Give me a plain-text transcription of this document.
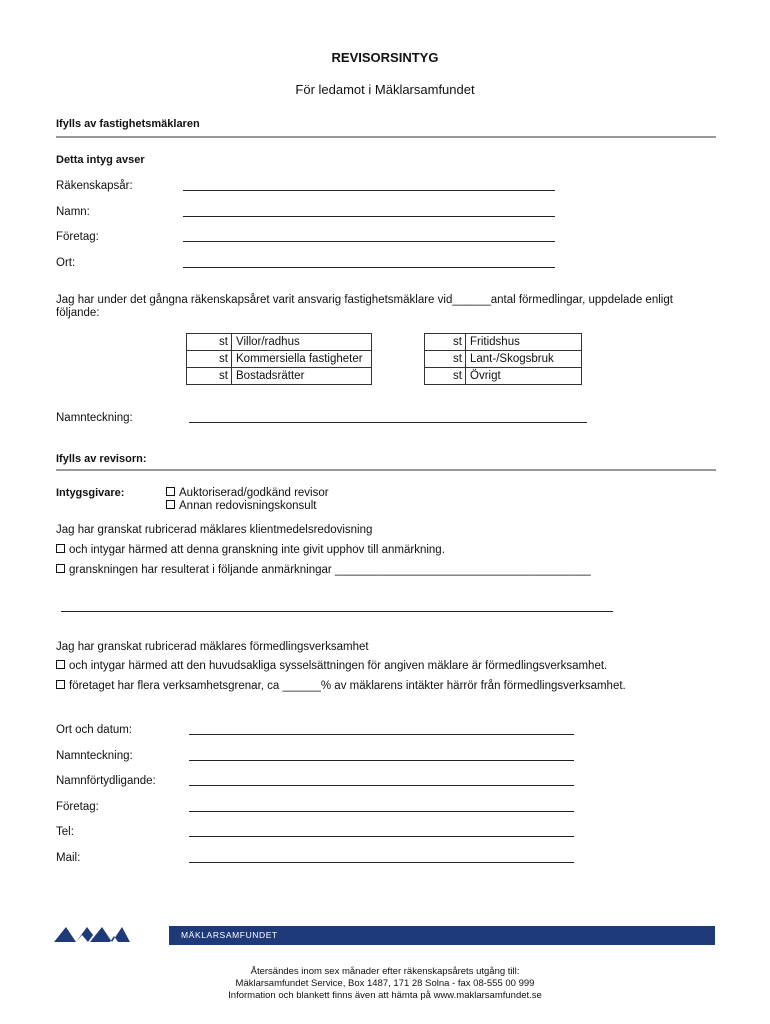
REVISORSINTYG
För ledamot i Mäklarsamfundet
Ifylls av fastighetsmäklaren
Detta intyg avser
Räkenskapsår:
Namn:
Företag:
Ort:
Jag har under det gångna räkenskapsåret varit ansvarig fastighetsmäklare vid______antal förmedlingar, uppdelade enligt
följande:
st	Villor/radhus		st	Fritidshus
st	Kommersiella fastigheter		st	Lant-/Skogsbruk
st	Bostadsrätter		st	Övrigt
Namnteckning:
Ifylls av revisorn:
Intygsgivare:	Auktoriserad/godkänd revisor
Annan redovisningskonsult
Jag har granskat rubricerad mäklares klientmedelsredovisning
och intygar härmed att denna granskning inte givit upphov till anmärkning.
granskningen har resulterat i följande anmärkningar ________________________________________
Jag har granskat rubricerad mäklares förmedlingsverksamhet
och intygar härmed att den huvudsakliga sysselsättningen för angiven mäklare är förmedlingsverksamhet.
företaget har flera verksamhetsgrenar, ca ______% av mäklarens intäkter härrör från förmedlingsverksamhet.
Ort och datum:
Namnteckning:
Namnförtydligande:
Företag:
Tel:
Mail:
MÄKLARSAMFUNDET
Återsändes inom sex månader efter räkenskapsårets utgång till:
Mäklarsamfundet Service, Box 1487, 171 28 Solna - fax 08-555 00 999
Information och blankett finns även att hämta på www.maklarsamfundet.se
